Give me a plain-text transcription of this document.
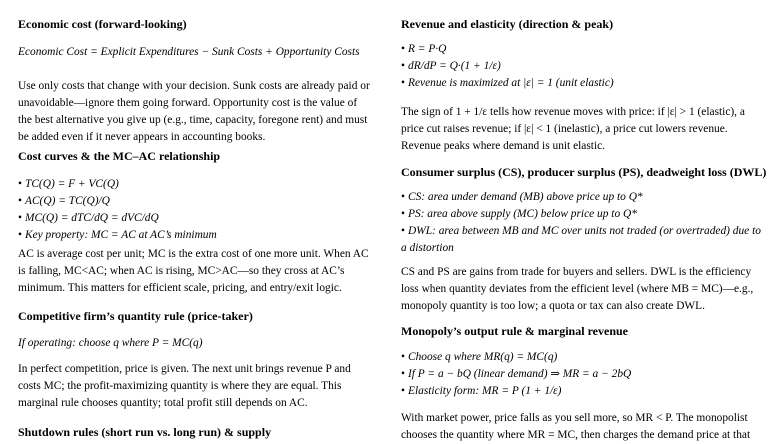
Economic cost (forward-looking)

Economic Cost = Explicit Expenditures − Sunk Costs + Opportunity Costs

Use only costs that change with your decision. Sunk costs are already paid or unavoidable—ignore them going forward. Opportunity cost is the value of the best alternative you give up (e.g., time, capacity, foregone rent) and must be added even if it never appears in accounting books.

Cost curves & the MC–AC relationship
• TC(Q) = F + VC(Q)
• AC(Q) = TC(Q)/Q
• MC(Q) = dTC/dQ = dVC/dQ
• Key property: MC = AC at AC’s minimum

AC is average cost per unit; MC is the extra cost of one more unit. When AC is falling, MC<AC; when AC is rising, MC>AC—so they cross at AC’s minimum. This matters for efficient scale, pricing, and entry/exit logic.

Competitive firm’s quantity rule (price-taker)

If operating: choose q where P = MC(q)

In perfect competition, price is given. The next unit brings revenue P and costs MC; the profit-maximizing quantity is where they are equal. This marginal rule chooses quantity; total profit still depends on AC.

Shutdown rules (short run vs. long run) & supply
Revenue and elasticity (direction & peak)
• R = P·Q
• dR/dP = Q·(1 + 1/ε)
• Revenue is maximized at |ε| = 1 (unit elastic)

The sign of 1 + 1/ε tells how revenue moves with price: if |ε| > 1 (elastic), a price cut raises revenue; if |ε| < 1 (inelastic), a price cut lowers revenue. Revenue peaks where demand is unit elastic.

Consumer surplus (CS), producer surplus (PS), deadweight loss (DWL)
• CS: area under demand (MB) above price up to Q*
• PS: area above supply (MC) below price up to Q*
• DWL: area between MB and MC over units not traded (or overtraded) due to a distortion

CS and PS are gains from trade for buyers and sellers. DWL is the efficiency loss when quantity deviates from the efficient level (where MB = MC)—e.g., monopoly quantity is too low; a quota or tax can also create DWL.

Monopoly’s output rule & marginal revenue
• Choose q where MR(q) = MC(q)
• If P = a − bQ (linear demand) ⇒ MR = a − 2bQ
• Elasticity form: MR = P (1 + 1/ε)

With market power, price falls as you sell more, so MR < P. The monopolist chooses the quantity where MR = MC, then charges the demand price at that
